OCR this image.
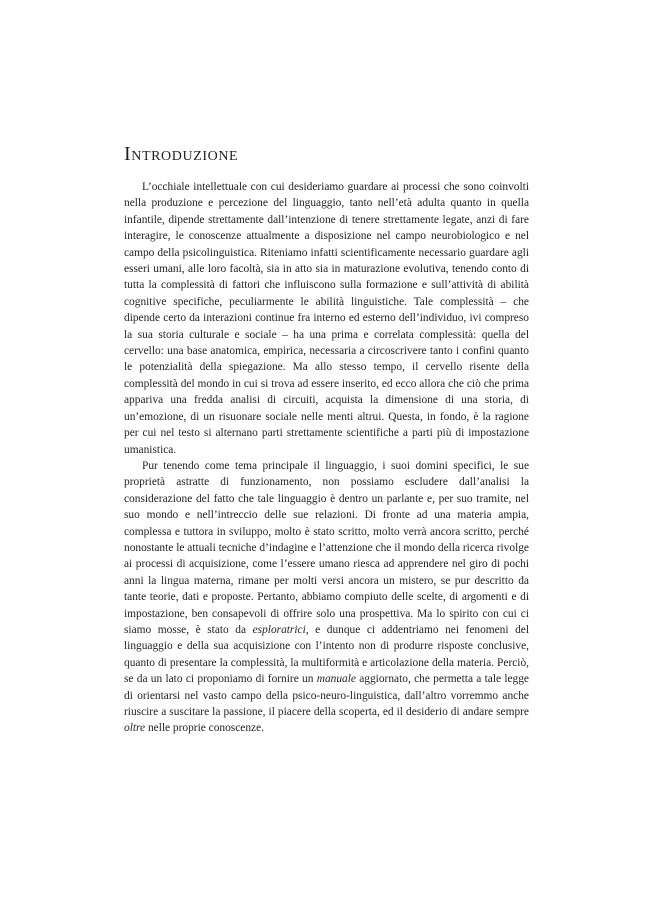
Introduzione

L’occhiale intellettuale con cui desideriamo guardare ai processi che sono coinvolti nella produzione e percezione del linguaggio, tanto nell’età adulta quanto in quella infantile, dipende strettamente dall’intenzione di tenere strettamente legate, anzi di fare interagire, le conoscenze attualmente a disposizione nel campo neurobiologico e nel campo della psicolinguistica. Riteniamo infatti scientificamente necessario guardare agli esseri umani, alle loro facoltà, sia in atto sia in maturazione evolutiva, tenendo conto di tutta la complessità di fattori che influiscono sulla formazione e sull’attività di abilità cognitive specifiche, peculiarmente le abilità linguistiche. Tale complessità – che dipende certo da interazioni continue fra interno ed esterno dell’individuo, ivi compreso la sua storia culturale e sociale – ha una prima e correlata complessità: quella del cervello: una base anatomica, empirica, necessaria a circoscrivere tanto i confini quanto le potenzialità della spiegazione. Ma allo stesso tempo, il cervello risente della complessità del mondo in cui si trova ad essere inserito, ed ecco allora che ciò che prima appariva una fredda analisi di circuiti, acquista la dimensione di una storia, di un’emozione, di un risuonare sociale nelle menti altrui. Questa, in fondo, è la ragione per cui nel testo si alternano parti strettamente scientifiche a parti più di impostazione umanistica.

Pur tenendo come tema principale il linguaggio, i suoi domini specifici, le sue proprietà astratte di funzionamento, non possiamo escludere dall’analisi la considerazione del fatto che tale linguaggio è dentro un parlante e, per suo tramite, nel suo mondo e nell’intreccio delle sue relazioni. Di fronte ad una materia ampia, complessa e tuttora in sviluppo, molto è stato scritto, molto verrà ancora scritto, perché nonostante le attuali tecniche d’indagine e l’attenzione che il mondo della ricerca rivolge ai processi di acquisizione, come l’essere umano riesca ad apprendere nel giro di pochi anni la lingua materna, rimane per molti versi ancora un mistero, se pur descritto da tante teorie, dati e proposte. Pertanto, abbiamo compiuto delle scelte, di argomenti e di impostazione, ben consapevoli di offrire solo una prospettiva. Ma lo spirito con cui ci siamo mosse, è stato da esploratrici, e dunque ci addentriamo nei fenomeni del linguaggio e della sua acquisizione con l’intento non di produrre risposte conclusive, quanto di presentare la complessità, la multiformità e articolazione della materia. Perciò, se da un lato ci proponiamo di fornire un manuale aggiornato, che permetta a tale legge di orientarsi nel vasto campo della psico-neuro-linguistica, dall’altro vorremmo anche riuscire a suscitare la passione, il piacere della scoperta, ed il desiderio di andare sempre oltre nelle proprie conoscenze.
